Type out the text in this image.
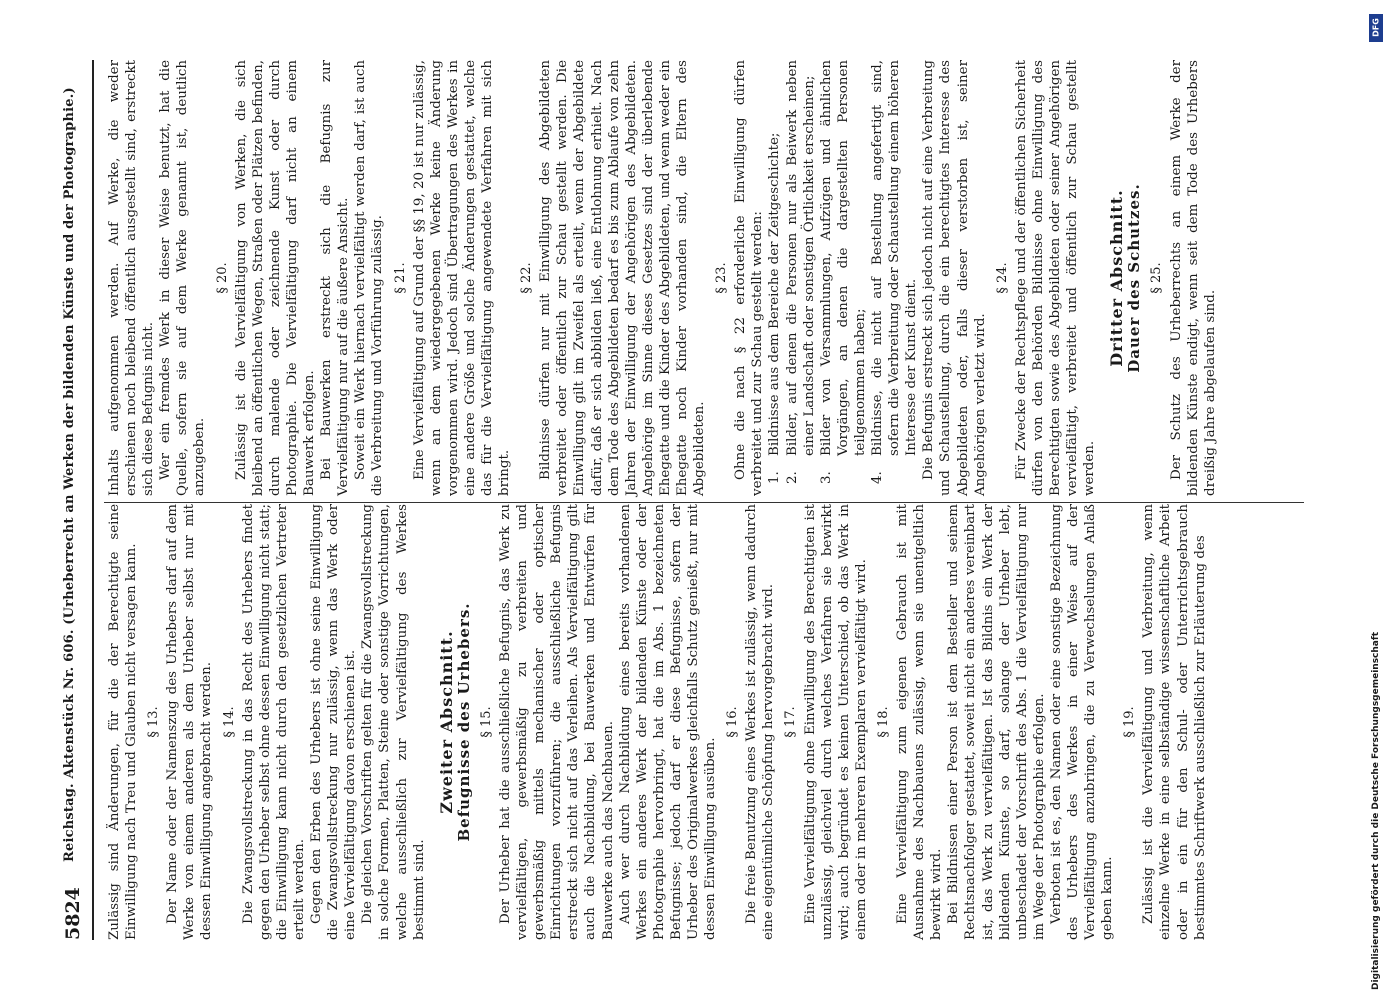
5824
Reichstag. Aktenstück Nr. 606. (Urheberrecht an Werken der bildenden Künste und der Photographie.) Zulässig sind Änderungen, für die der Berechtigte seine Einwilligung nach Treu und Glauben nicht versagen kann. § 13. Der Name oder der Namenszug des Urhebers darf auf dem Werke von einem anderen als dem Urheber selbst nur mit dessen Einwilligung angebracht werden. § 14. Die Zwangsvollstreckung in das Recht des Urhebers findet gegen den Urheber selbst ohne dessen Einwilligung nicht statt; die Einwilligung kann nicht durch den gesetzlichen Vertreter erteilt werden. Gegen den Erben des Urhebers ist ohne seine Einwilligung die Zwangsvollstreckung nur zulässig, wenn das Werk oder eine Vervielfältigung davon erschienen ist. Die gleichen Vorschriften gelten für die Zwangsvollstreckung in solche Formen, Platten, Steine oder sonstige Vorrichtungen, welche ausschließlich zur Vervielfältigung des Werkes bestimmt sind.
Zweiter Abschnitt. Befugnisse des Urhebers. § 15. Der Urheber hat die ausschließliche Befugnis, das Werk zu vervielfältigen, gewerbsmäßig zu verbreiten und gewerbsmäßig mittels mechanischer oder optischer Einrichtungen vorzuführen; die ausschließliche Befugnis erstreckt sich nicht auf das Verleihen. Als Vervielfältigung gilt auch die Nachbildung, bei Bauwerken und Entwürfen für Bauwerke auch das Nachbauen. Auch wer durch Nachbildung eines bereits vorhandenen Werkes ein anderes Werk der bildenden Künste oder der Photographie hervorbringt, hat die im Abs. 1 bezeichneten Befugnisse; jedoch darf er diese Befugnisse, sofern der Urheber des Originalwerkes gleichfalls Schutz genießt, nur mit dessen Einwilligung ausüben.
§ 16. Die freie Benutzung eines Werkes ist zulässig, wenn dadurch eine eigentümliche Schöpfung hervorgebracht wird. § 17. Eine Vervielfältigung ohne Einwilligung des Berechtigten ist unzulässig, gleichviel durch welches Verfahren sie bewirkt wird; auch begründet es keinen Unterschied, ob das Werk in einem oder in mehreren Exemplaren vervielfältigt wird. § 18. Eine Vervielfältigung zum eigenen Gebrauch ist mit Ausnahme des Nachbauens zulässig, wenn sie unentgeltlich bewirkt wird. Bei Bildnissen einer Person ist dem Besteller und seinem Rechtsnachfolger gestattet, soweit nicht ein anderes vereinbart ist, das Werk zu vervielfältigen. Ist das Bildnis ein Werk der bildenden Künste, so darf, solange der Urheber lebt, unbeschadet der Vorschrift des Abs. 1 die Vervielfältigung nur im Wege der Photographie erfolgen. Verboten ist es, den Namen oder eine sonstige Bezeichnung des Urhebers des Werkes in einer Weise auf der Vervielfältigung anzubringen, die zu Verwechselungen Anlaß geben kann.
§ 19. Zulässig ist die Vervielfältigung und Verbreitung, wenn einzelne Werke in eine selbständige wissenschaftliche Arbeit oder in ein für den Schul- oder Unterrichtsgebrauch bestimmtes Schriftwerk ausschließlich zur Erläuterung des
Inhalts aufgenommen werden. Auf Werke, die weder erschienen noch bleibend öffentlich ausgestellt sind, erstreckt sich diese Befugnis nicht. Wer ein fremdes Werk in dieser Weise benutzt, hat die Quelle, sofern sie auf dem Werke genannt ist, deutlich anzugeben.
§ 20. Zulässig ist die Vervielfältigung von Werken, die sich bleibend an öffentlichen Wegen, Straßen oder Plätzen befinden, durch malende oder zeichnende Kunst oder durch Photographie. Die Vervielfältigung darf nicht an einem Bauwerk erfolgen. Bei Bauwerken erstreckt sich die Befugnis zur Vervielfältigung nur auf die äußere Ansicht. Soweit ein Werk hiernach vervielfältigt werden darf, ist auch die Verbreitung und Vorführung zulässig. § 21. Eine Vervielfältigung auf Grund der §§ 19, 20 ist nur zulässig, wenn an dem wiedergegebenen Werke keine Änderung vorgenommen wird. Jedoch sind Übertragungen des Werkes in eine andere Größe und solche Änderungen gestattet, welche das für die Vervielfältigung angewendete Verfahren mit sich bringt.
§ 22. Bildnisse dürfen nur mit Einwilligung des Abgebildeten verbreitet oder öffentlich zur Schau gestellt werden. Die Einwilligung gilt im Zweifel als erteilt, wenn der Abgebildete dafür, daß er sich abbilden ließ, eine Entlohnung erhielt. Nach dem Tode des Abgebildeten bedarf es bis zum Ablaufe von zehn Jahren der Einwilligung der Angehörigen des Abgebildeten. Angehörige im Sinne dieses Gesetzes sind der überlebende Ehegatte und die Kinder des Abgebildeten, und wenn weder ein Ehegatte noch Kinder vorhanden sind, die Eltern des Abgebildeten.
§ 23. Ohne die nach § 22 erforderliche Einwilligung dürfen verbreitet und zur Schau gestellt werden: 1.
Bildnisse aus dem Bereiche der Zeitgeschichte;
2.
Bilder, auf denen die Personen nur als Beiwerk neben einer Landschaft oder sonstigen Örtlichkeit erscheinen;
3.
Bilder von Versammlungen, Aufzügen und ähnlichen Vorgängen, an denen die dargestellten Personen teilgenommen haben;
4.
Bildnisse, die nicht auf Bestellung angefertigt sind, sofern die Verbreitung oder Schaustellung einem höheren Interesse der Kunst dient. Die Befugnis erstreckt sich jedoch nicht auf eine Verbreitung und Schaustellung, durch die ein berechtigtes Interesse des Abgebildeten oder, falls dieser verstorben ist, seiner Angehörigen verletzt wird.
§ 24. Für Zwecke der Rechtspflege und der öffentlichen Sicherheit dürfen von den Behörden Bildnisse ohne Einwilligung des Berechtigten sowie des Abgebildeten oder seiner Angehörigen vervielfältigt, verbreitet und öffentlich zur Schau gestellt werden.
Dritter Abschnitt. Dauer des Schutzes. § 25. Der Schutz des Urheberrechts an einem Werke der bildenden Künste endigt, wenn seit dem Tode des Urhebers dreißig Jahre abgelaufen sind.
DFG
Digitalisierung gefördert durch die Deutsche Forschungsgemeinschaft
